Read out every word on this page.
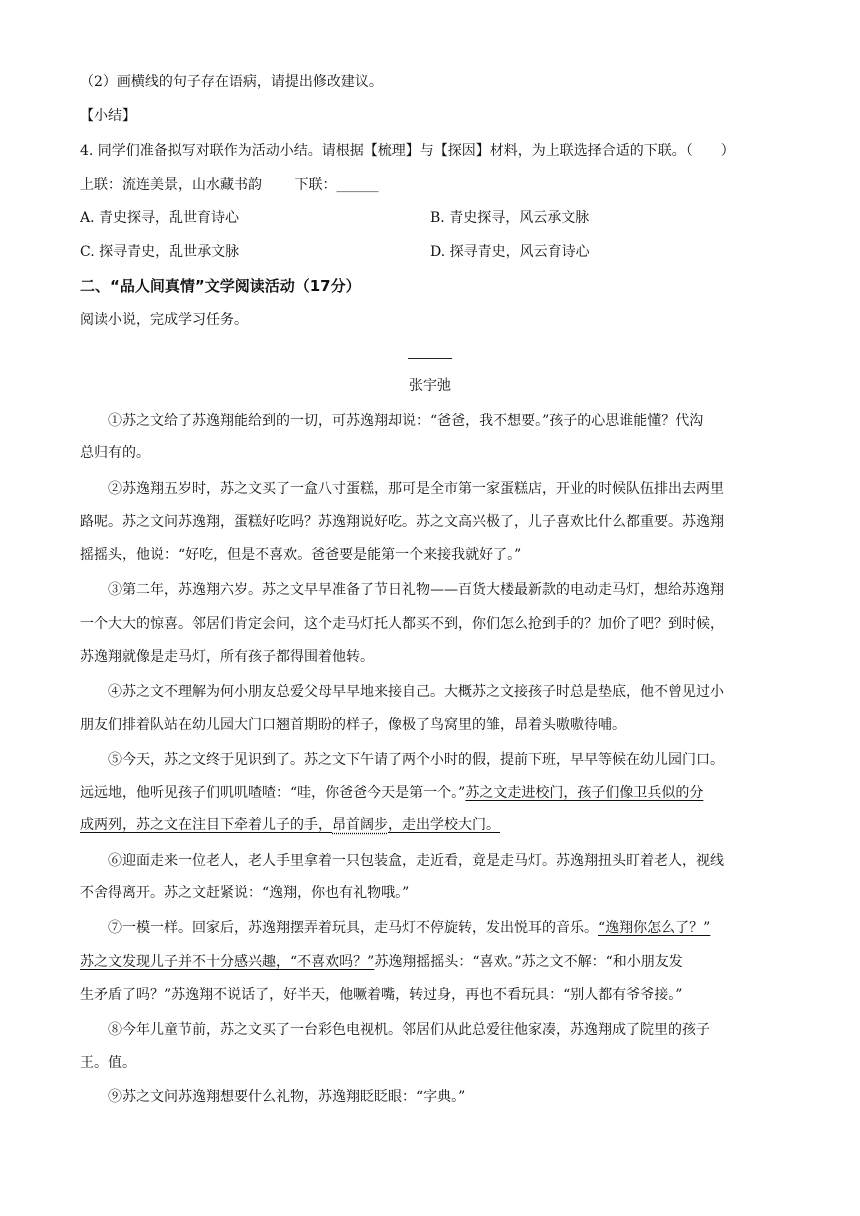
（2）画横线的句子存在语病，请提出修改建议。
【小结】
4. 同学们准备拟写对联作为活动小结。请根据【梳理】与【探因】材料，为上联选择合适的下联。（　　）
上联：流连美景，山水藏书韵　　 下联：______
A. 青史探寻，乱世育诗心	B. 青史探寻，风云承文脉
C. 探寻青史，乱世承文脉	D. 探寻青史，风云育诗心
二、“品人间真情”文学阅读活动（17分）
阅读小说，完成学习任务。
张宇弛
①苏之文给了苏逸翔能给到的一切，可苏逸翔却说：“爸爸，我不想要。”孩子的心思谁能懂？代沟
总归有的。
②苏逸翔五岁时，苏之文买了一盒八寸蛋糕，那可是全市第一家蛋糕店，开业的时候队伍排出去两里
路呢。苏之文问苏逸翔，蛋糕好吃吗？苏逸翔说好吃。苏之文高兴极了，儿子喜欢比什么都重要。苏逸翔
摇摇头，他说：“好吃，但是不喜欢。爸爸要是能第一个来接我就好了。”
③第二年，苏逸翔六岁。苏之文早早准备了节日礼物——百货大楼最新款的电动走马灯，想给苏逸翔
一个大大的惊喜。邻居们肯定会问，这个走马灯托人都买不到，你们怎么抢到手的？加价了吧？到时候，
苏逸翔就像是走马灯，所有孩子都得围着他转。
④苏之文不理解为何小朋友总爱父母早早地来接自己。大概苏之文接孩子时总是垫底，他不曾见过小
朋友们排着队站在幼儿园大门口翘首期盼的样子，像极了鸟窝里的雏，昂着头嗷嗷待哺。
⑤今天，苏之文终于见识到了。苏之文下午请了两个小时的假，提前下班，早早等候在幼儿园门口。
远远地，他听见孩子们叽叽喳喳：“哇，你爸爸今天是第一个。”苏之文走进校门，孩子们像卫兵似的分
成两列，苏之文在注目下牵着儿子的手，昂首阔步，走出学校大门。
⑥迎面走来一位老人，老人手里拿着一只包装盒，走近看，竟是走马灯。苏逸翔扭头盯着老人，视线
不舍得离开。苏之文赶紧说：“逸翔，你也有礼物哦。”
⑦一模一样。回家后，苏逸翔摆弄着玩具，走马灯不停旋转，发出悦耳的音乐。“逸翔你怎么了？”
苏之文发现儿子并不十分感兴趣，“不喜欢吗？”苏逸翔摇摇头：“喜欢。”苏之文不解：“和小朋友发
生矛盾了吗？”苏逸翔不说话了，好半天，他噘着嘴，转过身，再也不看玩具：“别人都有爷爷接。”
⑧今年儿童节前，苏之文买了一台彩色电视机。邻居们从此总爱往他家凑，苏逸翔成了院里的孩子
王。值。
⑨苏之文问苏逸翔想要什么礼物，苏逸翔眨眨眼：“字典。”
